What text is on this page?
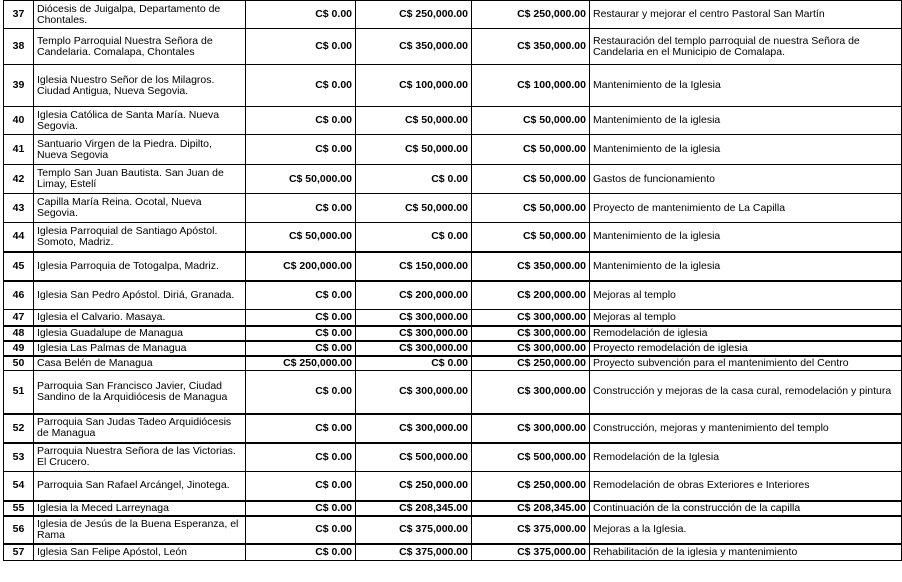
37	Diócesis de Juigalpa, Departamento de Chontales.	C$ 0.00	C$ 250,000.00	C$ 250,000.00	Restaurar y mejorar el centro Pastoral San Martín
38	Templo Parroquial Nuestra Señora de Candelaria. Comalapa, Chontales	C$ 0.00	C$ 350,000.00	C$ 350,000.00	Restauración del templo parroquial de nuestra Señora de Candelaria en el Municipio de Comalapa.
39	Iglesia Nuestro Señor de los Milagros. Ciudad Antigua, Nueva Segovia.	C$ 0.00	C$ 100,000.00	C$ 100,000.00	Mantenimiento de la Iglesia
40	Iglesia Católica de Santa María. Nueva Segovia.	C$ 0.00	C$ 50,000.00	C$ 50,000.00	Mantenimiento de la iglesia
41	Santuario Virgen de la Piedra. Dipilto, Nueva Segovia	C$ 0.00	C$ 50,000.00	C$ 50,000.00	Mantenimiento de la iglesia
42	Templo San Juan Bautista. San Juan de Limay, Estelí	C$ 50,000.00	C$ 0.00	C$ 50,000.00	Gastos de funcionamiento
43	Capilla María Reina. Ocotal, Nueva Segovia.	C$ 0.00	C$ 50,000.00	C$ 50,000.00	Proyecto de mantenimiento de La Capilla
44	Iglesia Parroquial de Santiago Apóstol. Somoto, Madriz.	C$ 50,000.00	C$ 0.00	C$ 50,000.00	Mantenimiento de la iglesia
45	Iglesia Parroquia de Totogalpa, Madriz.	C$ 200,000.00	C$ 150,000.00	C$ 350,000.00	Mantenimiento de la iglesia
46	Iglesia San Pedro Apóstol. Diriá, Granada.	C$ 0.00	C$ 200,000.00	C$ 200,000.00	Mejoras al templo
47	Iglesia el Calvario. Masaya.	C$ 0.00	C$ 300,000.00	C$ 300,000.00	Mejoras al templo
48	Iglesia Guadalupe de Managua	C$ 0.00	C$ 300,000.00	C$ 300,000.00	Remodelación de iglesia
49	Iglesia Las Palmas de Managua	C$ 0.00	C$ 300,000.00	C$ 300,000.00	Proyecto remodelación de iglesia
50	Casa Belén de Managua	C$ 250,000.00	C$ 0.00	C$ 250,000.00	Proyecto subvención para el mantenimiento del Centro
51	Parroquia San Francisco Javier, Ciudad Sandino de la Arquidiócesis de Managua	C$ 0.00	C$ 300,000.00	C$ 300,000.00	Construcción y mejoras de la casa cural, remodelación y pintura
52	Parroquia San Judas Tadeo Arquidiócesis de Managua	C$ 0.00	C$ 300,000.00	C$ 300,000.00	Construcción, mejoras y mantenimiento del templo
53	Parroquia Nuestra Señora de las Victorias. El Crucero.	C$ 0.00	C$ 500,000.00	C$ 500,000.00	Remodelación de la Iglesia
54	Parroquia San Rafael Arcángel, Jinotega.	C$ 0.00	C$ 250,000.00	C$ 250,000.00	Remodelación de obras Exteriores e Interiores
55	Iglesia la Meced Larreynaga	C$ 0.00	C$ 208,345.00	C$ 208,345.00	Continuación de la construcción de la capilla
56	Iglesia de Jesús de la Buena Esperanza, el Rama	C$ 0.00	C$ 375,000.00	C$ 375,000.00	Mejoras a la Iglesia.
57	Iglesia San Felipe Apóstol, León	C$ 0.00	C$ 375,000.00	C$ 375,000.00	Rehabilitación de la iglesia y mantenimiento
